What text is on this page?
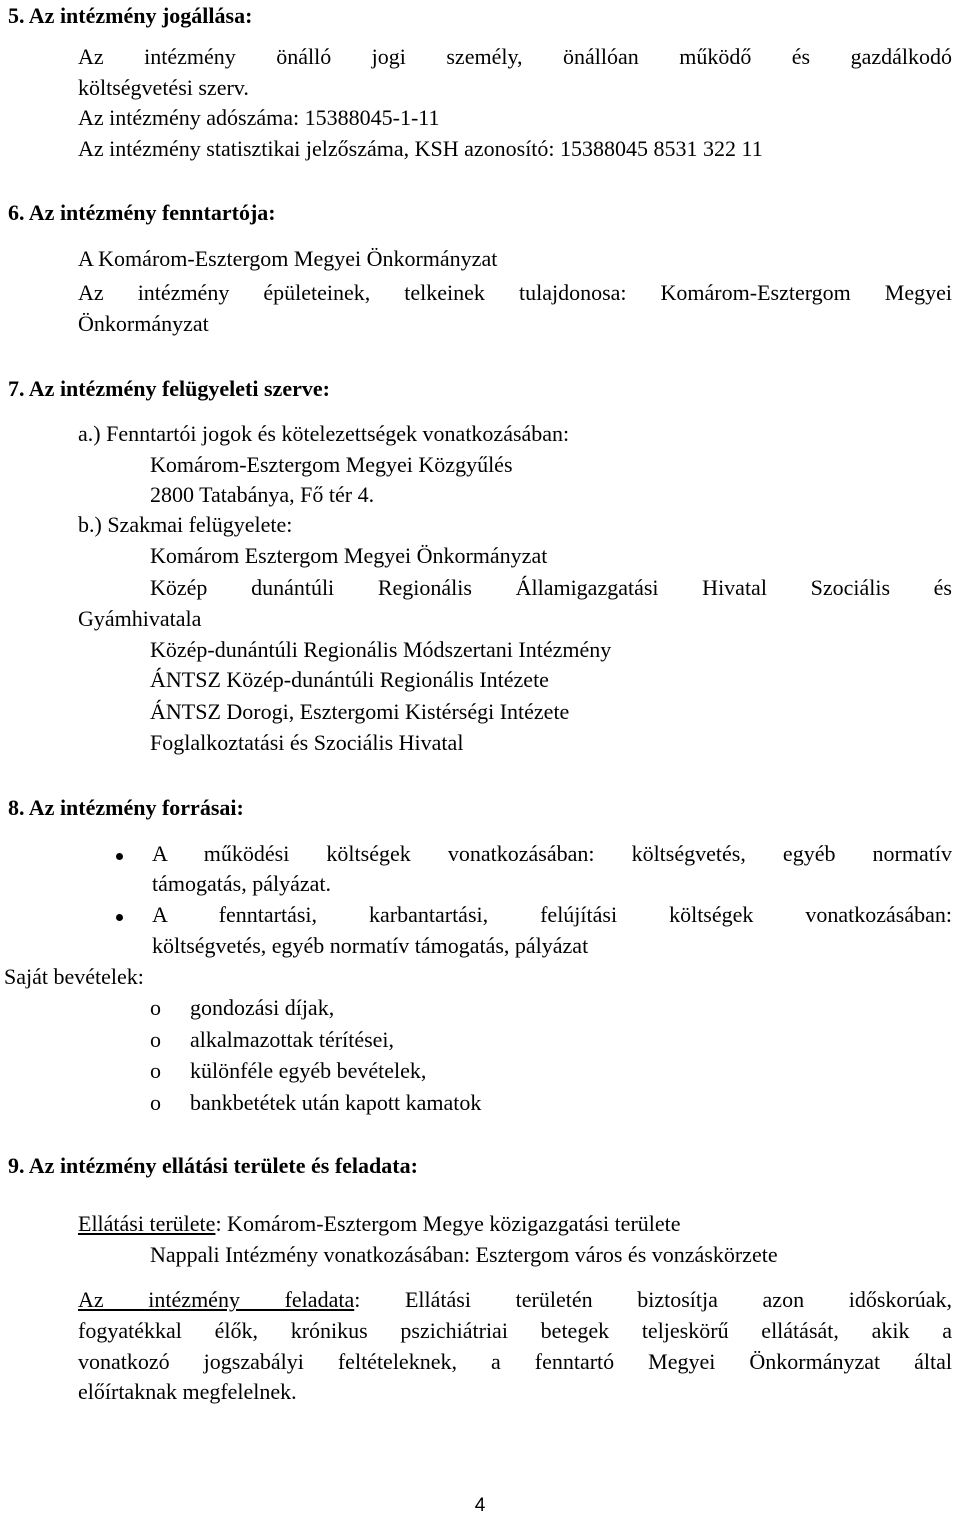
5. Az intézmény jogállása:
Az intézmény önálló jogi személy, önállóan működő és gazdálkodó
költségvetési szerv.
Az intézmény adószáma: 15388045-1-11
Az intézmény statisztikai jelzőszáma, KSH azonosító: 15388045 8531 322 11
6. Az intézmény fenntartója:
A Komárom-Esztergom Megyei Önkormányzat
Az intézmény épületeinek, telkeinek tulajdonosa: Komárom-Esztergom Megyei
Önkormányzat
7. Az intézmény felügyeleti szerve:
a.) Fenntartói jogok és kötelezettségek vonatkozásában:
Komárom-Esztergom Megyei Közgyűlés
2800 Tatabánya, Fő tér 4.
b.) Szakmai felügyelete:
Komárom Esztergom Megyei Önkormányzat
Közép dunántúli Regionális Államigazgatási Hivatal Szociális és
Gyámhivatala
Közép-dunántúli Regionális Módszertani Intézmény
ÁNTSZ Közép-dunántúli Regionális Intézete
ÁNTSZ Dorogi, Esztergomi Kistérségi Intézete
Foglalkoztatási és Szociális Hivatal
8. Az intézmény forrásai:
A működési költségek vonatkozásában: költségvetés, egyéb normatív
támogatás, pályázat.
A fenntartási, karbantartási, felújítási költségek vonatkozásában:
költségvetés, egyéb normatív támogatás, pályázat
Saját bevételek:
o gondozási díjak,
o alkalmazottak térítései,
o különféle egyéb bevételek,
o bankbetétek után kapott kamatok
9. Az intézmény ellátási területe és feladata:
Ellátási területe: Komárom-Esztergom Megye közigazgatási területe
Nappali Intézmény vonatkozásában: Esztergom város és vonzáskörzete
Az intézmény feladata: Ellátási területén biztosítja azon időskorúak,
fogyatékkal élők, krónikus pszichiátriai betegek teljeskörű ellátását, akik a
vonatkozó jogszabályi feltételeknek, a fenntartó Megyei Önkormányzat által
előírtaknak megfelelnek.
4
